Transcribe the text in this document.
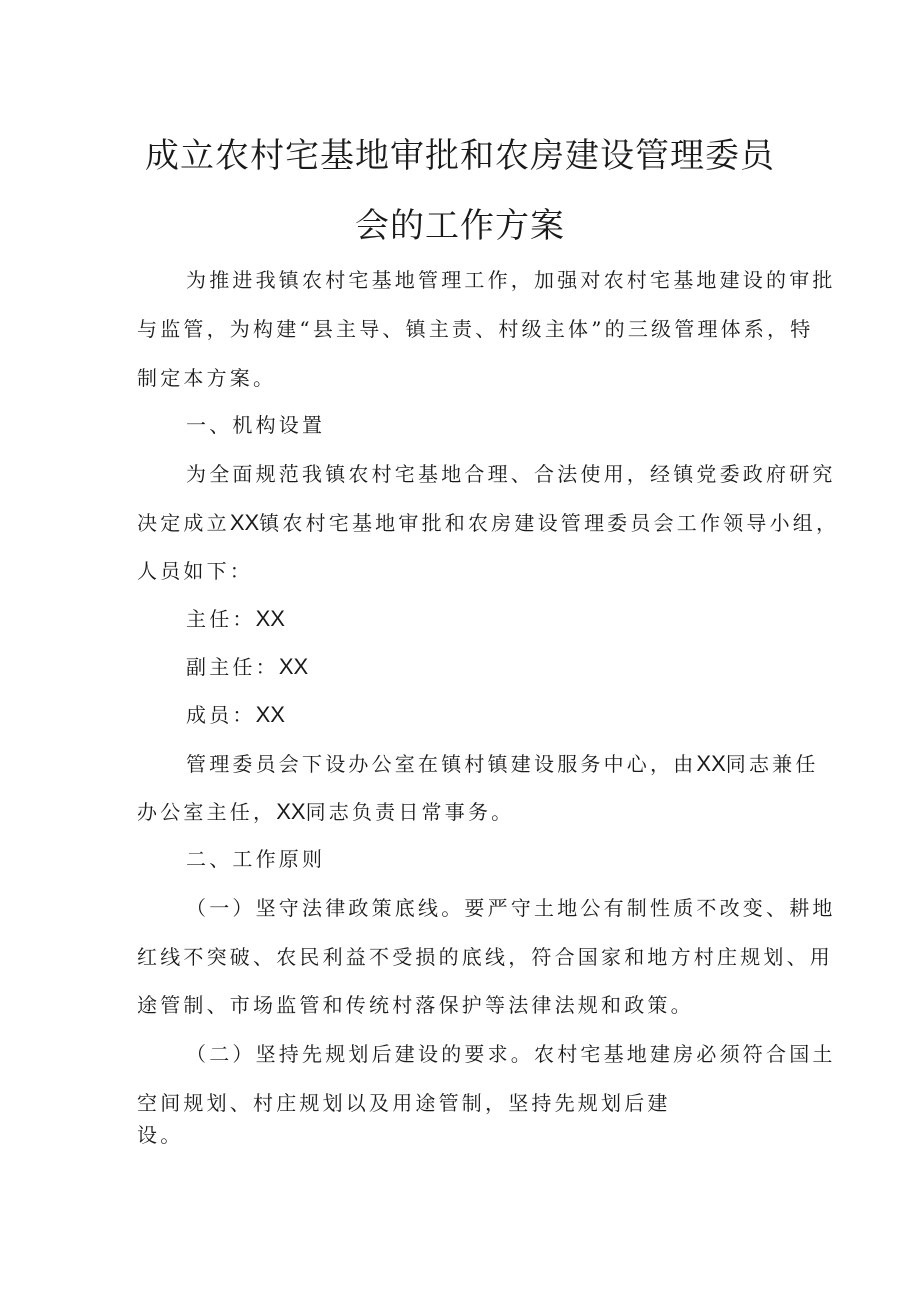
成立农村宅基地审批和农房建设管理委员
会的工作方案
为推进我镇农村宅基地管理工作，加强对农村宅基地建设的审批
与监管，为构建“县主导、镇主责、村级主体”的三级管理体系，特
制定本方案。
一、机构设置
为全面规范我镇农村宅基地合理、合法使用，经镇党委政府研究
决定成立XX镇农村宅基地审批和农房建设管理委员会工作领导小组，
人员如下：
主任：XX
副主任：XX
成员：XX
管理委员会下设办公室在镇村镇建设服务中心，由XX同志兼任
办公室主任，XX同志负责日常事务。
二、工作原则
（一）坚守法律政策底线。要严守土地公有制性质不改变、耕地
红线不突破、农民利益不受损的底线，符合国家和地方村庄规划、用
途管制、市场监管和传统村落保护等法律法规和政策。
（二）坚持先规划后建设的要求。农村宅基地建房必须符合国土
空间规划、村庄规划以及用途管制，坚持先规划后建
设。
